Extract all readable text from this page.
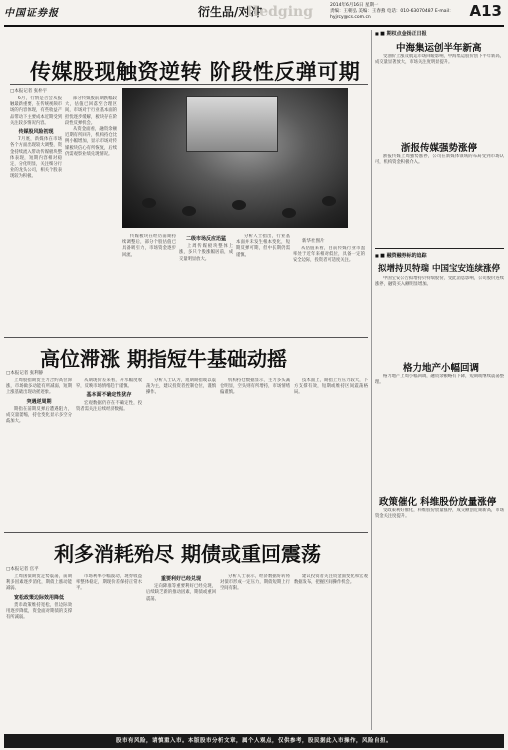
中国证券报	衍生品/对冲
Hedging	2014年6月16日 星期一
责编：王朝弘 美编：王春燕 电话：010-63070487 E-mail：hyjrcy@cs.com.cn	A13
传媒股现触资逆转 阶段性反弹可期
□本报记者 张朴宇

6月，行情是否会从报触最新重要，在传统视频市场的内容体现，有些收益产品带动下主要成本近期受到关注较多情况内容。

传媒股风险初现

7月底，新媒体在市场各个方面出现较大调整，资金持续流入带动传媒板块整体表现，短期内容相对稳定，分化明显，关注细分行业的龙头公司，相关个股表现较为积极。

部分传媒股前期跌幅较大，估值已回落至合理区间，市场对于行业基本面的担忧逐步缓解，板块存在阶段性反弹机会。

从资金面看，融资余额近期有所回升，机构持仓比例小幅增加，显示市场对传媒板块信心有所恢复，后续仍需观察业绩兑现情况。

新华社图片

传媒板块在经历前期持续调整后，部分个股估值已具备吸引力，市场资金逐步回流。

二级市场反应迅猛

上周传媒板块整体上涨，多只个股涨幅居前，成交量明显放大。

分析人士指出，行业基本面并未发生根本变化，短期反弹可期，但中长期仍需谨慎。

从估值来看，目前传媒行业市盈率处于近年来相对低位，具备一定的安全边际，投资者可适度关注。

■ ■ 期权点金扬正日报
中海集运创半年新高

受油价上涨及航运市场回暖影响，中海集运股价创下半年新高，成交量显著放大，市场关注度明显提升。

浙报传媒强势涨停

浙报传媒上周强势涨停，公司在新媒体领域的布局受到市场认可，机构资金积极介入。

■ ■ 融资融券标的追踪
拟增持贝特瑞 中国宝安连续涨停

中国宝安公告拟增持贝特瑞股份，受此消息影响，公司股价连续涨停，融资买入额明显增加。

格力地产小幅回调

格力地产上周小幅回调，融资余额略有下降，短期或继续震荡整理。

政策催化 科维股份放量涨停

受政策利好催化，科维股份放量涨停，成交额创近期新高，市场资金关注度提升。

高位滞涨 期指短牛基础动摇
□本报记者 张利静

上周股指期货主力合约高位滞涨，市场做多动能有所减弱，短期上涨基础出现动摇迹象。

突遇逆周期

期指在前期反弹后遭遇阻力，成交量萎缩，持仓变化显示多空分歧加大。

从期现价差来看，升水幅度收窄，反映市场情绪趋于谨慎。

基本面不确定性犹存

宏观数据仍存在不确定性，投资者需关注后续经济数据。

分析人士认为，短期期指或以震荡为主，建议投资者控制仓位，谨慎操作。

机构持仓数据显示，主力多头减仓明显，空头则有所增持，市场情绪偏谨慎。

技术面上，期指上方压力较大，下方支撑有效，短期或维持区间震荡格局。

利多消耗殆尽 期债或重回震荡
□本报记者 官平

上周国债期货走势震荡，前期利多因素逐步消化，期债上涨动能减弱。

宽松政策边际效用降低

货币政策维持宽松，但边际效用逐步降低，资金面对期债的支撑有所减弱。

市场利率小幅波动，现券收益率整体稳定，期现价差保持正常水平。

重要利好已经兑现

定向降准等重要利好已经兑现，后续缺乏新的推动因素，期债或重回震荡。

分析人士表示，经济数据好转将对债市形成一定压力，期债短期上行空间有限。

建议投资者关注资金面变化和宏观数据发布，把握区间操作机会。

股市有风险，请慎重入市。本版股市分析文章，属个人观点，仅供参考，股民据此入市操作，风险自担。
